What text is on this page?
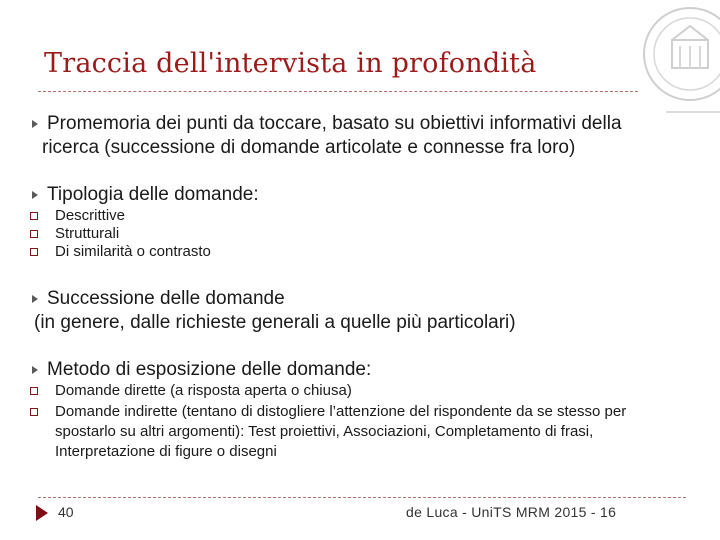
Traccia dell'intervista in profondità
Promemoria dei punti da toccare, basato su obiettivi informativi della
ricerca (successione di domande articolate e connesse fra loro)
Tipologia delle domande:
Descrittive
Strutturali
Di similarità o contrasto
Successione delle domande
(in genere, dalle richieste generali a quelle più particolari)
Metodo di esposizione delle domande:
Domande dirette (a risposta aperta o chiusa)
Domande indirette (tentano di distogliere l’attenzione del rispondente da se stesso per
spostarlo su altri argomenti): Test proiettivi, Associazioni, Completamento di frasi,
Interpretazione di figure o disegni
40	de Luca - UniTS MRM 2015 - 16
